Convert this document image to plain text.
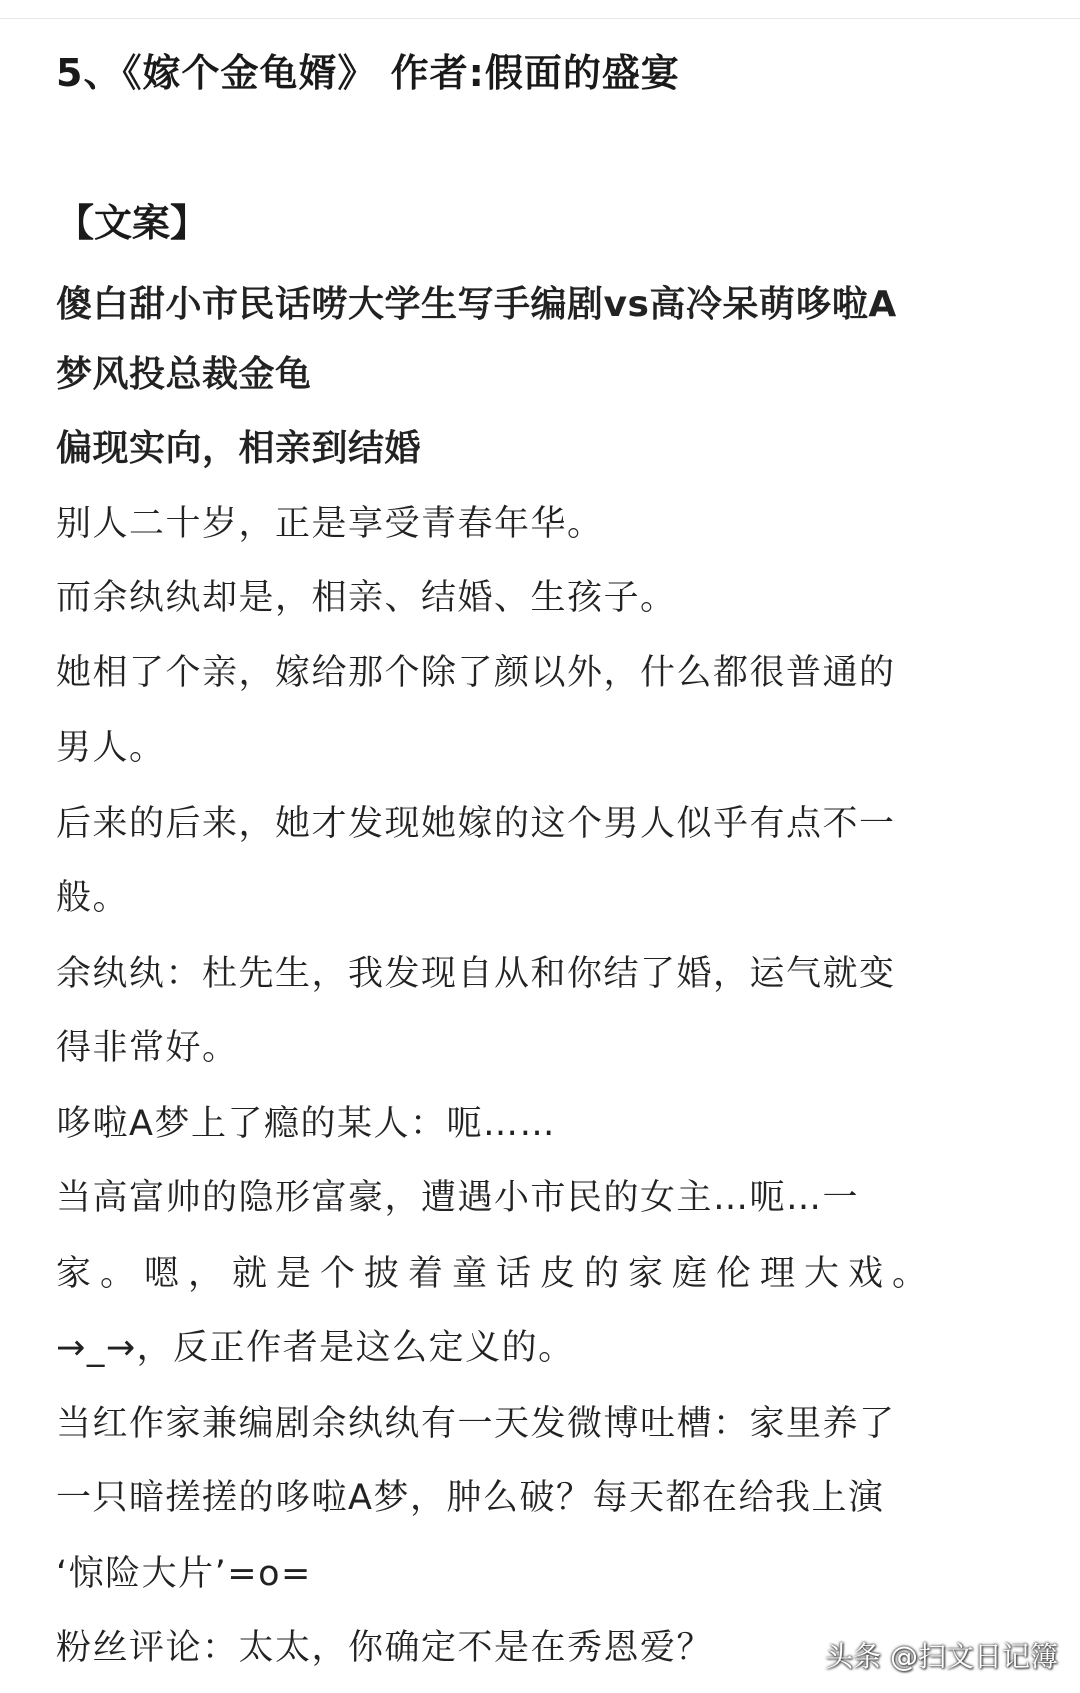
5、《嫁个金龟婿》 作者:假面的盛宴
【文案】
傻白甜小市民话唠大学生写手编剧vs高冷呆萌哆啦A
梦风投总裁金龟
偏现实向，相亲到结婚
别人二十岁，正是享受青春年华。
而余纨纨却是，相亲、结婚、生孩子。
她相了个亲，嫁给那个除了颜以外，什么都很普通的
男人。
后来的后来，她才发现她嫁的这个男人似乎有点不一
般。
余纨纨：杜先生，我发现自从和你结了婚，运气就变
得非常好。
哆啦A梦上了瘾的某人：呃……
当高富帅的隐形富豪，遭遇小市民的女主…呃…一
家。嗯，就是个披着童话皮的家庭伦理大戏。
→_→，反正作者是这么定义的。
当红作家兼编剧余纨纨有一天发微博吐槽：家里养了
一只暗搓搓的哆啦A梦，肿么破？每天都在给我上演
‘惊险大片’=o=
粉丝评论：太太，你确定不是在秀恩爱？	头条 @扫文日记簿
